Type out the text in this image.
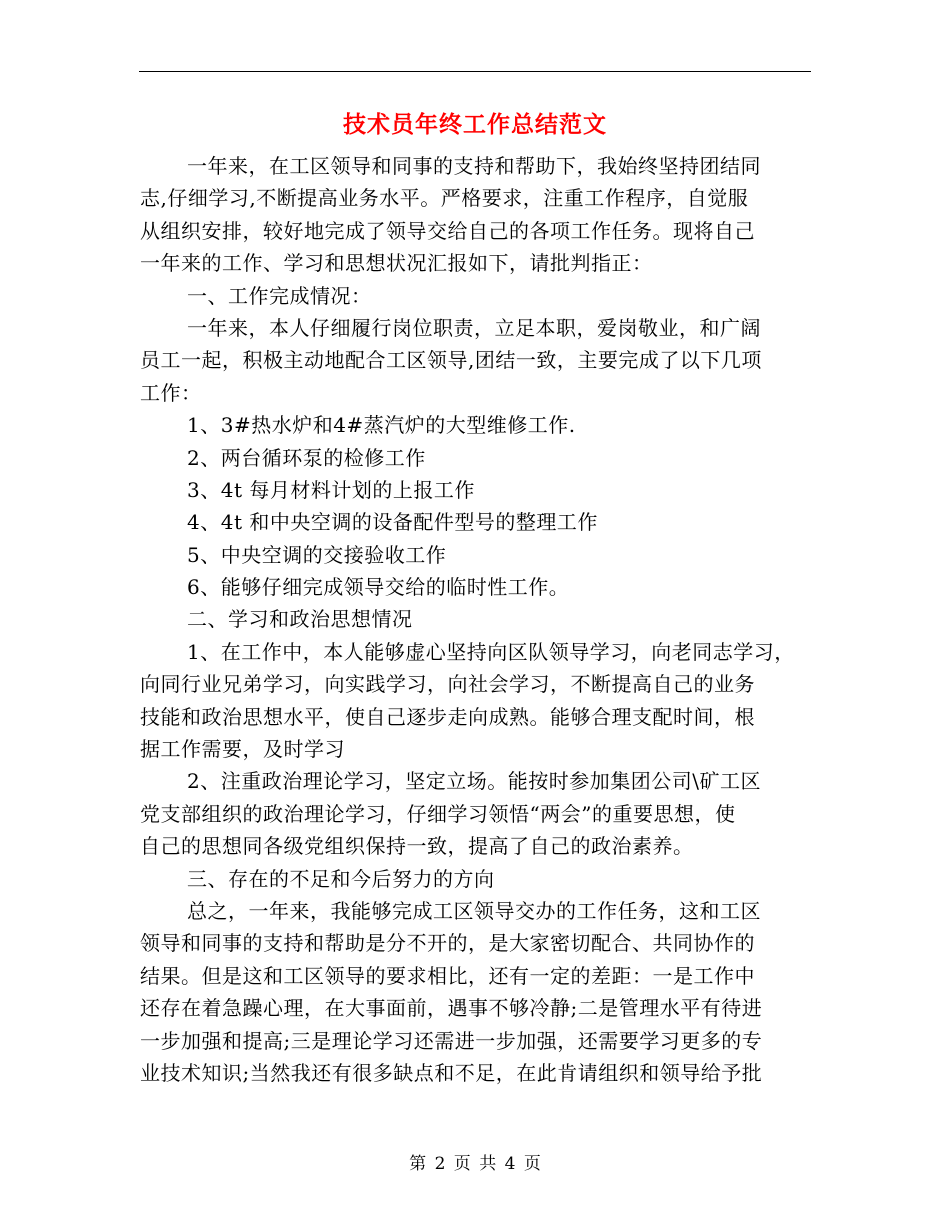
技术员年终工作总结范文
一年来，在工区领导和同事的支持和帮助下，我始终坚持团结同
志,仔细学习,不断提高业务水平。严格要求，注重工作程序，自觉服
从组织安排，较好地完成了领导交给自己的各项工作任务。现将自己
一年来的工作、学习和思想状况汇报如下，请批判指正：
一、工作完成情况：
一年来，本人仔细履行岗位职责，立足本职，爱岗敬业，和广阔
员工一起，积极主动地配合工区领导,团结一致，主要完成了以下几项
工作：
1、3#热水炉和4#蒸汽炉的大型维修工作.
2、两台循环泵的检修工作
3、4t 每月材料计划的上报工作
4、4t 和中央空调的设备配件型号的整理工作
5、中央空调的交接验收工作
6、能够仔细完成领导交给的临时性工作。
二、学习和政治思想情况
1、在工作中，本人能够虚心坚持向区队领导学习，向老同志学习，
向同行业兄弟学习，向实践学习，向社会学习，不断提高自己的业务
技能和政治思想水平，使自己逐步走向成熟。能够合理支配时间，根
据工作需要，及时学习
2、注重政治理论学习，坚定立场。能按时参加集团公司\矿工区
党支部组织的政治理论学习，仔细学习领悟“两会”的重要思想，使
自己的思想同各级党组织保持一致，提高了自己的政治素养。
三、存在的不足和今后努力的方向
总之，一年来，我能够完成工区领导交办的工作任务，这和工区
领导和同事的支持和帮助是分不开的，是大家密切配合、共同协作的
结果。但是这和工区领导的要求相比，还有一定的差距：一是工作中
还存在着急躁心理，在大事面前，遇事不够冷静;二是管理水平有待进
一步加强和提高;三是理论学习还需进一步加强，还需要学习更多的专
业技术知识;当然我还有很多缺点和不足，在此肯请组织和领导给予批
第 2 页 共 4 页
